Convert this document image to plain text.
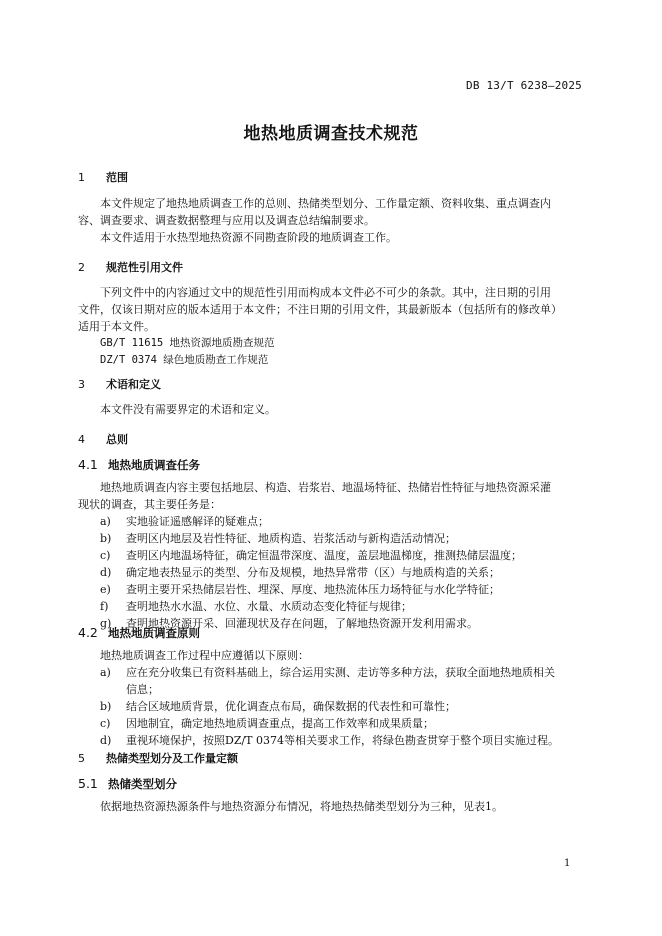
DB 13/T 6238—2025
地热地质调查技术规范
1 范围
本文件规定了地热地质调查工作的总则、热储类型划分、工作量定额、资料收集、重点调查内
容、调查要求、调查数据整理与应用以及调查总结编制要求。
本文件适用于水热型地热资源不同勘查阶段的地质调查工作。
2 规范性引用文件
下列文件中的内容通过文中的规范性引用而构成本文件必不可少的条款。其中，注日期的引用
文件，仅该日期对应的版本适用于本文件；不注日期的引用文件，其最新版本（包括所有的修改单）
适用于本文件。
GB/T 11615 地热资源地质勘查规范
DZ/T 0374 绿色地质勘查工作规范
3 术语和定义
本文件没有需要界定的术语和定义。
4 总则
4.1 地热地质调查任务
地热地质调查内容主要包括地层、构造、岩浆岩、地温场特征、热储岩性特征与地热资源采灌
现状的调查，其主要任务是：
a) 实地验证遥感解译的疑难点；
b) 查明区内地层及岩性特征、地质构造、岩浆活动与新构造活动情况；
c) 查明区内地温场特征，确定恒温带深度、温度，盖层地温梯度，推测热储层温度；
d) 确定地表热显示的类型、分布及规模，地热异常带（区）与地质构造的关系；
e) 查明主要开采热储层岩性、埋深、厚度、地热流体压力场特征与水化学特征；
f) 查明地热水水温、水位、水量、水质动态变化特征与规律；
g) 查明地热资源开采、回灌现状及存在问题，了解地热资源开发利用需求。
4.2 地热地质调查原则
地热地质调查工作过程中应遵循以下原则：
a) 应在充分收集已有资料基础上，综合运用实测、走访等多种方法，获取全面地热地质相关
信息；
b) 结合区域地质背景，优化调查点布局，确保数据的代表性和可靠性；
c) 因地制宜，确定地热地质调查重点，提高工作效率和成果质量；
d) 重视环境保护，按照DZ/T 0374等相关要求工作，将绿色勘查贯穿于整个项目实施过程。
5 热储类型划分及工作量定额
5.1 热储类型划分
依据地热资源热源条件与地热资源分布情况，将地热热储类型划分为三种，见表1。
1
